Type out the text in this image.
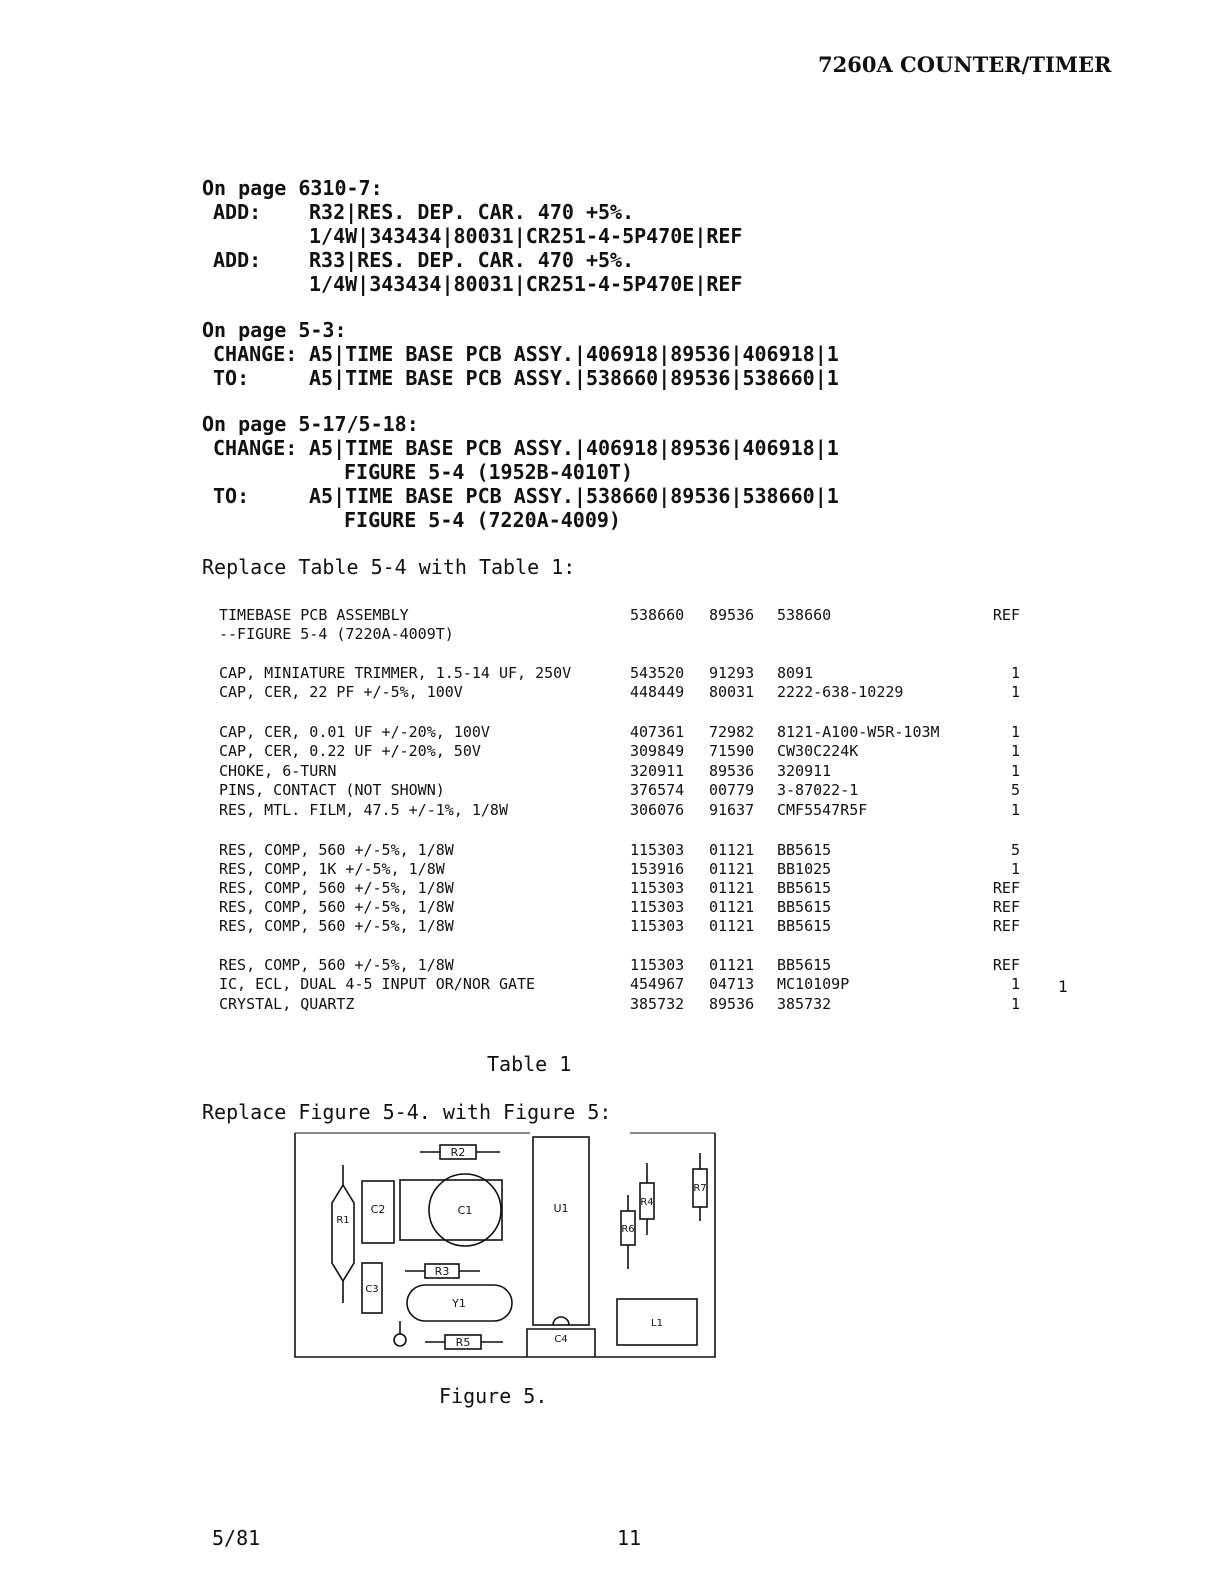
7260A COUNTER/TIMER
On page 6310-7:
ADD: R32|RES. DEP. CAR. 470 +5%.
1/4W|343434|80031|CR251-4-5P470E|REF
ADD: R33|RES. DEP. CAR. 470 +5%.
1/4W|343434|80031|CR251-4-5P470E|REF
On page 5-3:
CHANGE: A5|TIME BASE PCB ASSY.|406918|89536|406918|1
TO:	A5|TIME BASE PCB ASSY.|538660|89536|538660|1
On page 5-17/5-18:
CHANGE: A5|TIME BASE PCB ASSY.|406918|89536|406918|1
FIGURE 5-4 (1952B-4010T)
TO:	A5|TIME BASE PCB ASSY.|538660|89536|538660|1
FIGURE 5-4 (7220A-4009)
Replace Table 5-4 with Table 1:
TIMEBASE PCB ASSEMBLY	538660 89536 538660	REF
--FIGURE 5-4 (7220A-4009T)
CAP, MINIATURE TRIMMER, 1.5-14 UF, 250V	543520 91293 8091	1
CAP, CER, 22 PF +/-5%, 100V	448449 80031 2222-638-10229	1
CAP, CER, 0.01 UF +/-20%, 100V	407361 72982 8121-A100-W5R-103M	1
CAP, CER, 0.22 UF +/-20%, 50V	309849 71590 CW30C224K	1
CHOKE, 6-TURN	320911 89536 320911	1
PINS, CONTACT (NOT SHOWN)	376574 00779 3-87022-1	5
RES, MTL. FILM, 47.5 +/-1%, 1/8W	306076 91637 CMF5547R5F	1
RES, COMP, 560 +/-5%, 1/8W	115303 01121 BB5615	5
RES, COMP, 1K +/-5%, 1/8W	153916 01121 BB1025	1
RES, COMP, 560 +/-5%, 1/8W	115303 01121 BB5615	REF
RES, COMP, 560 +/-5%, 1/8W	115303 01121 BB5615	REF
RES, COMP, 560 +/-5%, 1/8W	115303 01121 BB5615	REF
RES, COMP, 560 +/-5%, 1/8W	115303 01121 BB5615	REF
IC, ECL, DUAL 4-5 INPUT OR/NOR GATE	454967 04713 MC10109P	1
CRYSTAL, QUARTZ	385732 89536 385732	1
1
Table 1
Replace Figure 5-4. with Figure 5:
R2
R1
C2	C1
C3
R3
Y1
R5
U1
C4
R4
R6
R7
L1
Figure 5.
5/81	11
